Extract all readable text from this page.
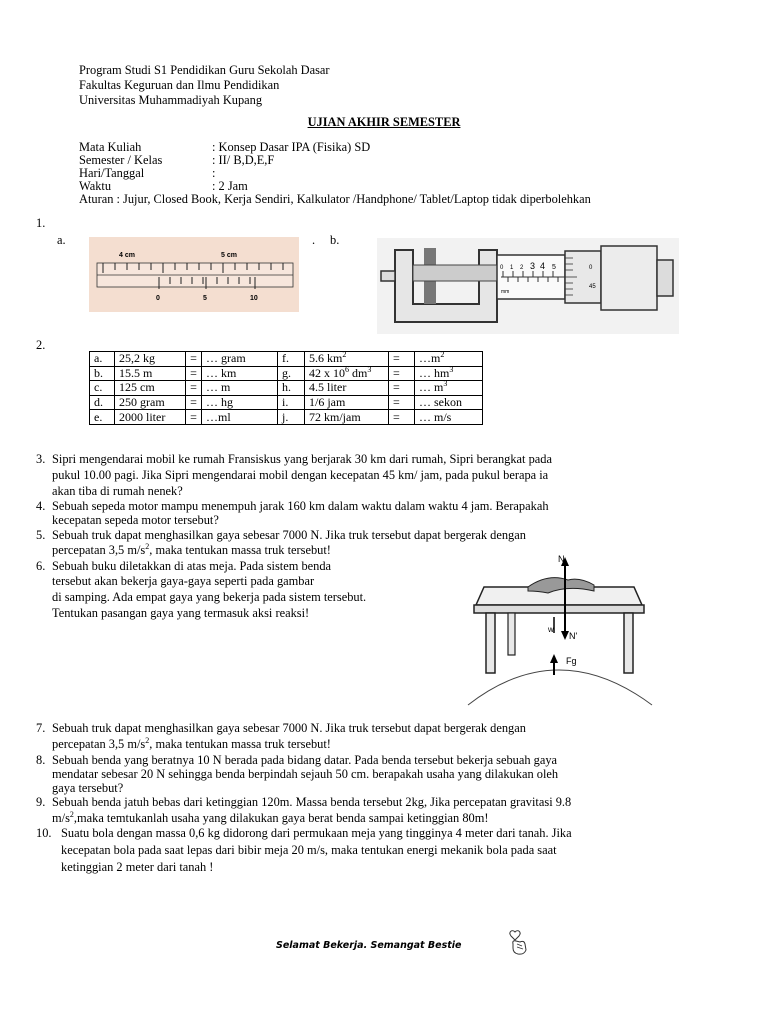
Program Studi S1 Pendidikan Guru Sekolah Dasar
Fakultas Keguruan dan Ilmu Pendidikan
Universitas Muhammadiyah Kupang
UJIAN AKHIR SEMESTER
Mata Kuliah	: Konsep Dasar IPA (Fisika) SD
Semester / Kelas	: II/ B,D,E,F
Hari/Tanggal	:
Waktu	: 2 Jam
Aturan : Jujur, Closed Book, Kerja Sendiri, Kalkulator /Handphone/ Tablet/Laptop tidak diperbolehkan
1.
a.	. b.
4 cm	5 cm
0	5	10
0 1 2 3 4 5
mm
0
45
2.
a.	25,2 kg	=	… gram	f.	5.6 $km^2$	=	$\dots m^2$
b.	15.5 m	=	… km	g.	42 x $10^6$ $dm^3$	=	… $hm^3$
c.	125 cm	=	… m	h.	4.5 liter	=	… $m^3$
d.	250 gram	=	… hg	i.	1/6 jam	=	… sekon
e.	2000 liter	=	…ml	j.	72 km/jam	=	… m/s
3. Sipri mengendarai mobil ke rumah Fransiskus yang berjarak 30 km dari rumah, Sipri berangkat pada
pukul 10.00 pagi. Jika Sipri mengendarai mobil dengan kecepatan 45 km/ jam, pada pukul berapa ia
akan tiba di rumah nenek?
4. Sebuah sepeda motor mampu menempuh jarak 160 km dalam waktu dalam waktu 4 jam. Berapakah
kecepatan sepeda motor tersebut?
5. Sebuah truk dapat menghasilkan gaya sebesar 7000 N. Jika truk tersebut dapat bergerak dengan
percepatan 3,5 $m/s^2$, maka tentukan massa truk tersebut!
6. Sebuah buku diletakkan di atas meja. Pada sistem benda
tersebut akan bekerja gaya-gaya seperti pada gambar
di samping. Ada empat gaya yang bekerja pada sistem tersebut.
Tentukan pasangan gaya yang termasuk aksi reaksi!
N
w
N'
Fg
7. Sebuah truk dapat menghasilkan gaya sebesar 7000 N. Jika truk tersebut dapat bergerak dengan
percepatan 3,5 $m/s^2$, maka tentukan massa truk tersebut!
8. Sebuah benda yang beratnya 10 N berada pada bidang datar. Pada benda tersebut bekerja sebuah gaya
mendatar sebesar 20 N sehingga benda berpindah sejauh 50 cm. berapakah usaha yang dilakukan oleh
gaya tersebut?
9. Sebuah benda jatuh bebas dari ketinggian 120m. Massa benda tersebut 2kg, Jika percepatan gravitasi 9.8
$m/s^2,maka$ temtukanlah usaha yang dilakukan gaya berat benda sampai ketinggian 80m!
10. Suatu bola dengan massa 0,6 kg didorong dari permukaan meja yang tingginya 4 meter dari tanah. Jika
kecepatan bola pada saat lepas dari bibir meja 20 m/s, maka tentukan energi mekanik bola pada saat
ketinggian 2 meter dari tanah !
Selamat Bekerja. Semangat Bestie
